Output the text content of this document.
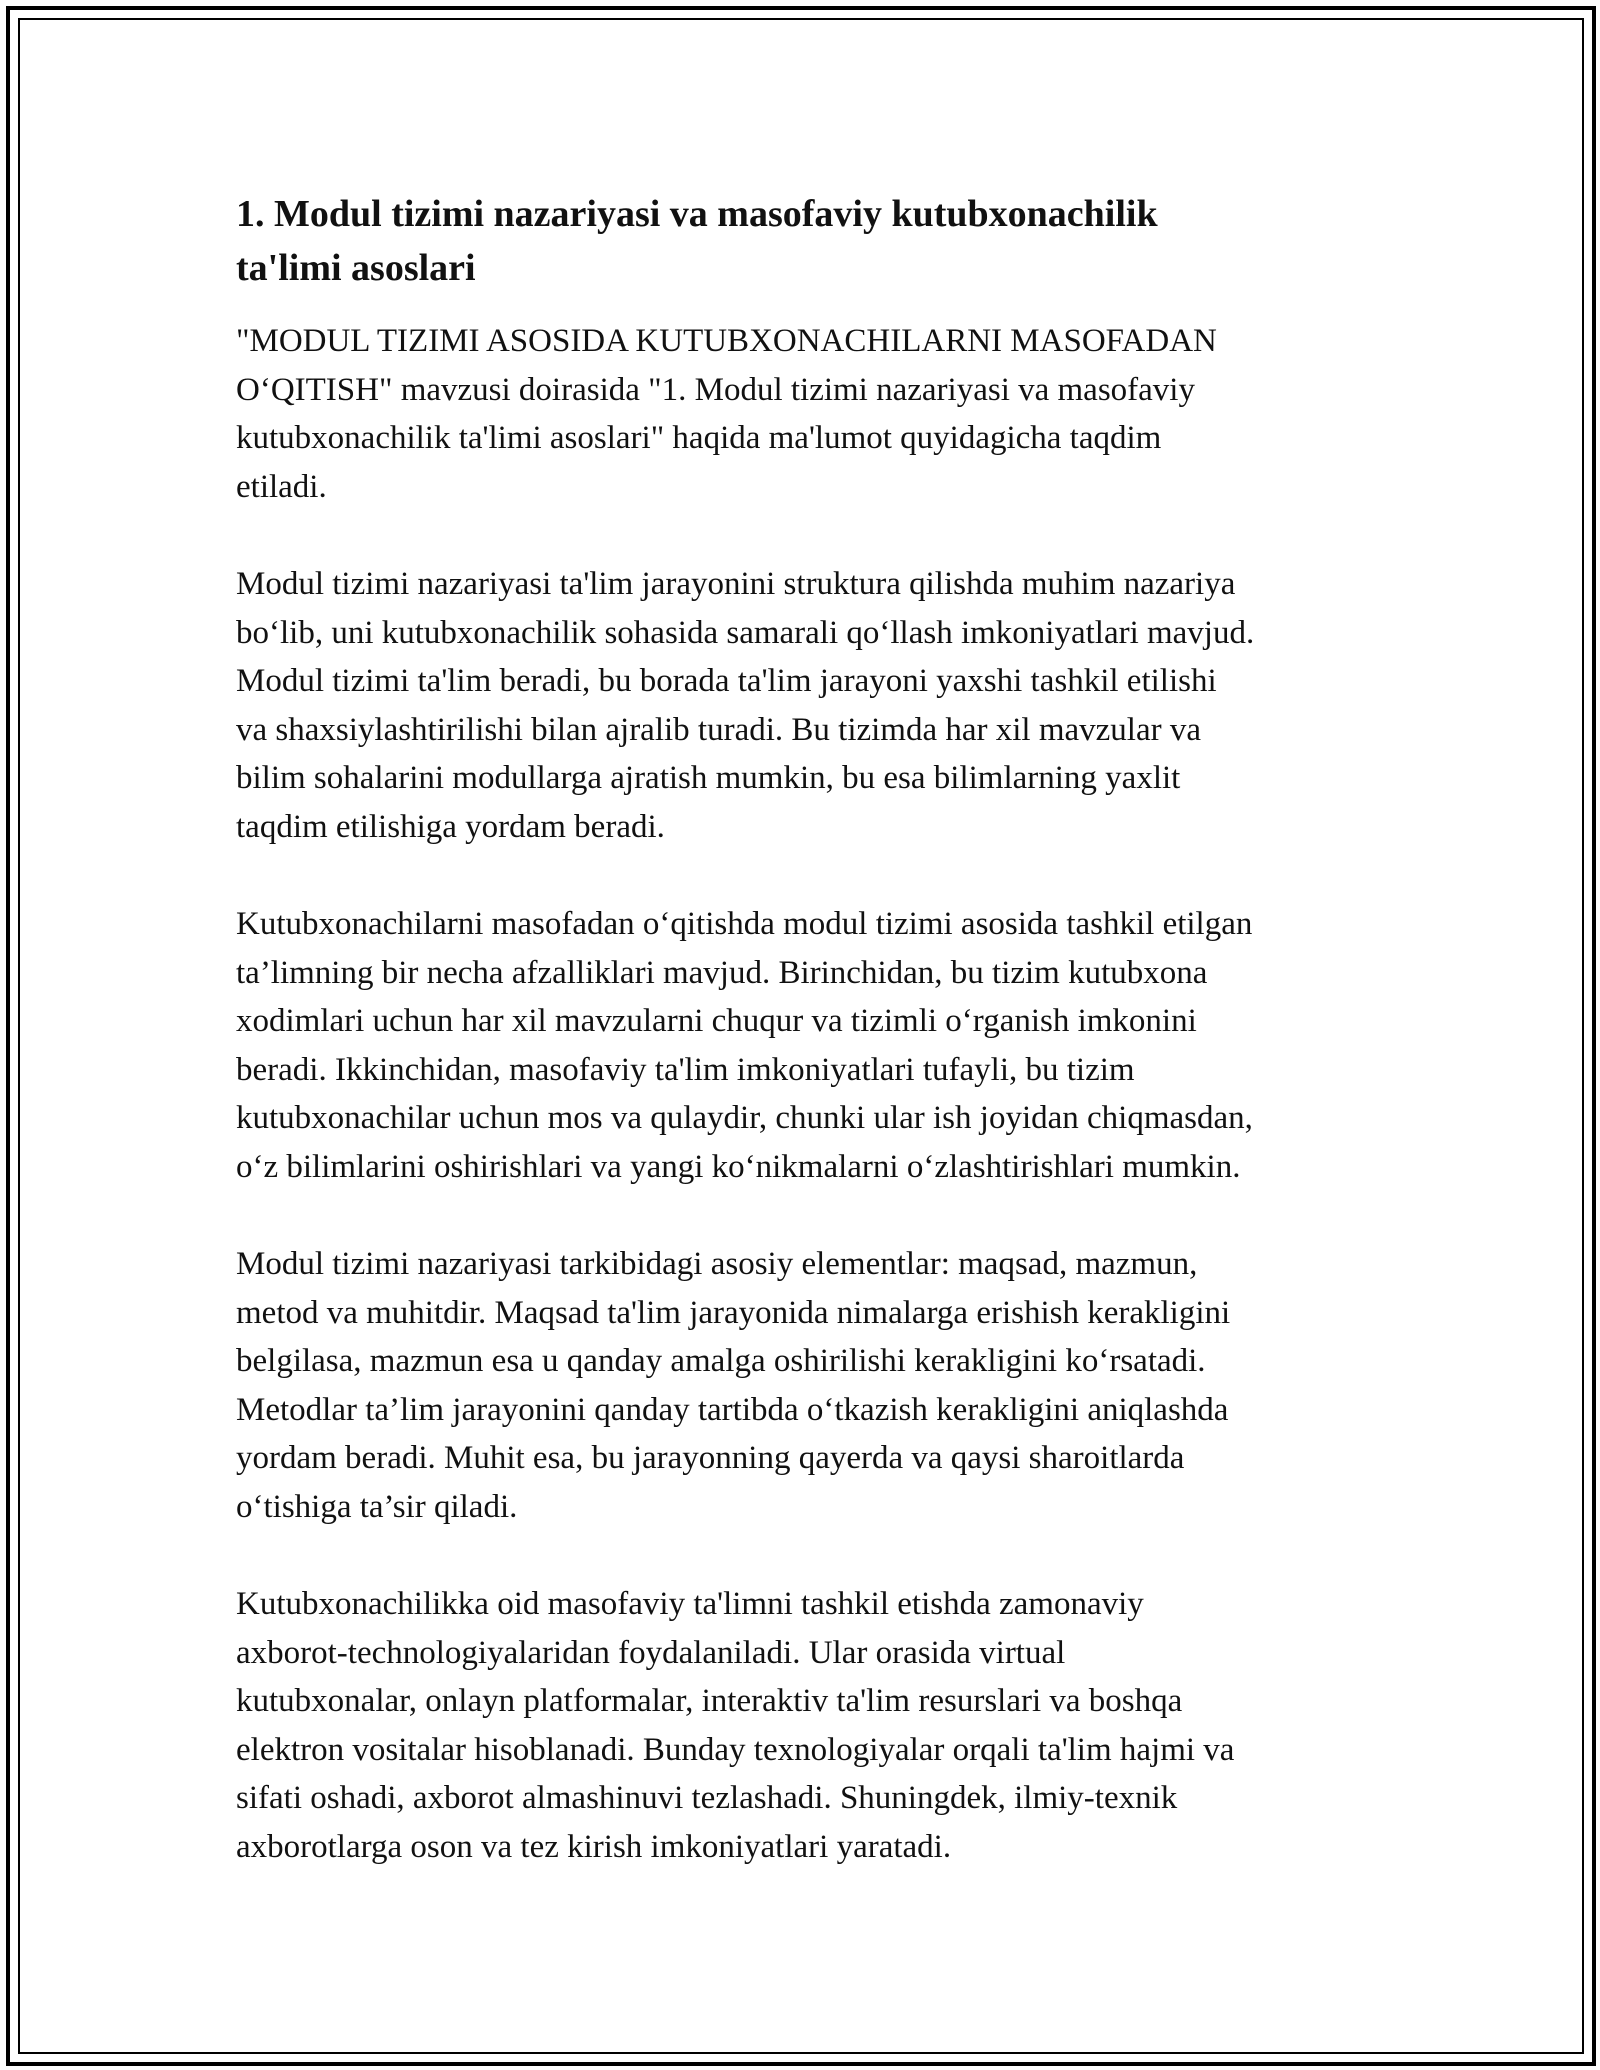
1. Modul tizimi nazariyasi va masofaviy kutubxonachilik
ta'limi asoslari

"MODUL TIZIMI ASOSIDA KUTUBXONACHILARNI MASOFADAN
O‘QITISH" mavzusi doirasida "1. Modul tizimi nazariyasi va masofaviy
kutubxonachilik ta'limi asoslari" haqida ma'lumot quyidagicha taqdim
etiladi.

Modul tizimi nazariyasi ta'lim jarayonini struktura qilishda muhim nazariya
bo‘lib, uni kutubxonachilik sohasida samarali qo‘llash imkoniyatlari mavjud.
Modul tizimi ta'lim beradi, bu borada ta'lim jarayoni yaxshi tashkil etilishi
va shaxsiylashtirilishi bilan ajralib turadi. Bu tizimda har xil mavzular va
bilim sohalarini modullarga ajratish mumkin, bu esa bilimlarning yaxlit
taqdim etilishiga yordam beradi.

Kutubxonachilarni masofadan o‘qitishda modul tizimi asosida tashkil etilgan
ta’limning bir necha afzalliklari mavjud. Birinchidan, bu tizim kutubxona
xodimlari uchun har xil mavzularni chuqur va tizimli o‘rganish imkonini
beradi. Ikkinchidan, masofaviy ta'lim imkoniyatlari tufayli, bu tizim
kutubxonachilar uchun mos va qulaydir, chunki ular ish joyidan chiqmasdan,
o‘z bilimlarini oshirishlari va yangi ko‘nikmalarni o‘zlashtirishlari mumkin.

Modul tizimi nazariyasi tarkibidagi asosiy elementlar: maqsad, mazmun,
metod va muhitdir. Maqsad ta'lim jarayonida nimalarga erishish kerakligini
belgilasa, mazmun esa u qanday amalga oshirilishi kerakligini ko‘rsatadi.
Metodlar ta’lim jarayonini qanday tartibda o‘tkazish kerakligini aniqlashda
yordam beradi. Muhit esa, bu jarayonning qayerda va qaysi sharoitlarda
o‘tishiga ta’sir qiladi.

Kutubxonachilikka oid masofaviy ta'limni tashkil etishda zamonaviy
axborot-technologiyalaridan foydalaniladi. Ular orasida virtual
kutubxonalar, onlayn platformalar, interaktiv ta'lim resurslari va boshqa
elektron vositalar hisoblanadi. Bunday texnologiyalar orqali ta'lim hajmi va
sifati oshadi, axborot almashinuvi tezlashadi. Shuningdek, ilmiy-texnik
axborotlarga oson va tez kirish imkoniyatlari yaratadi.
